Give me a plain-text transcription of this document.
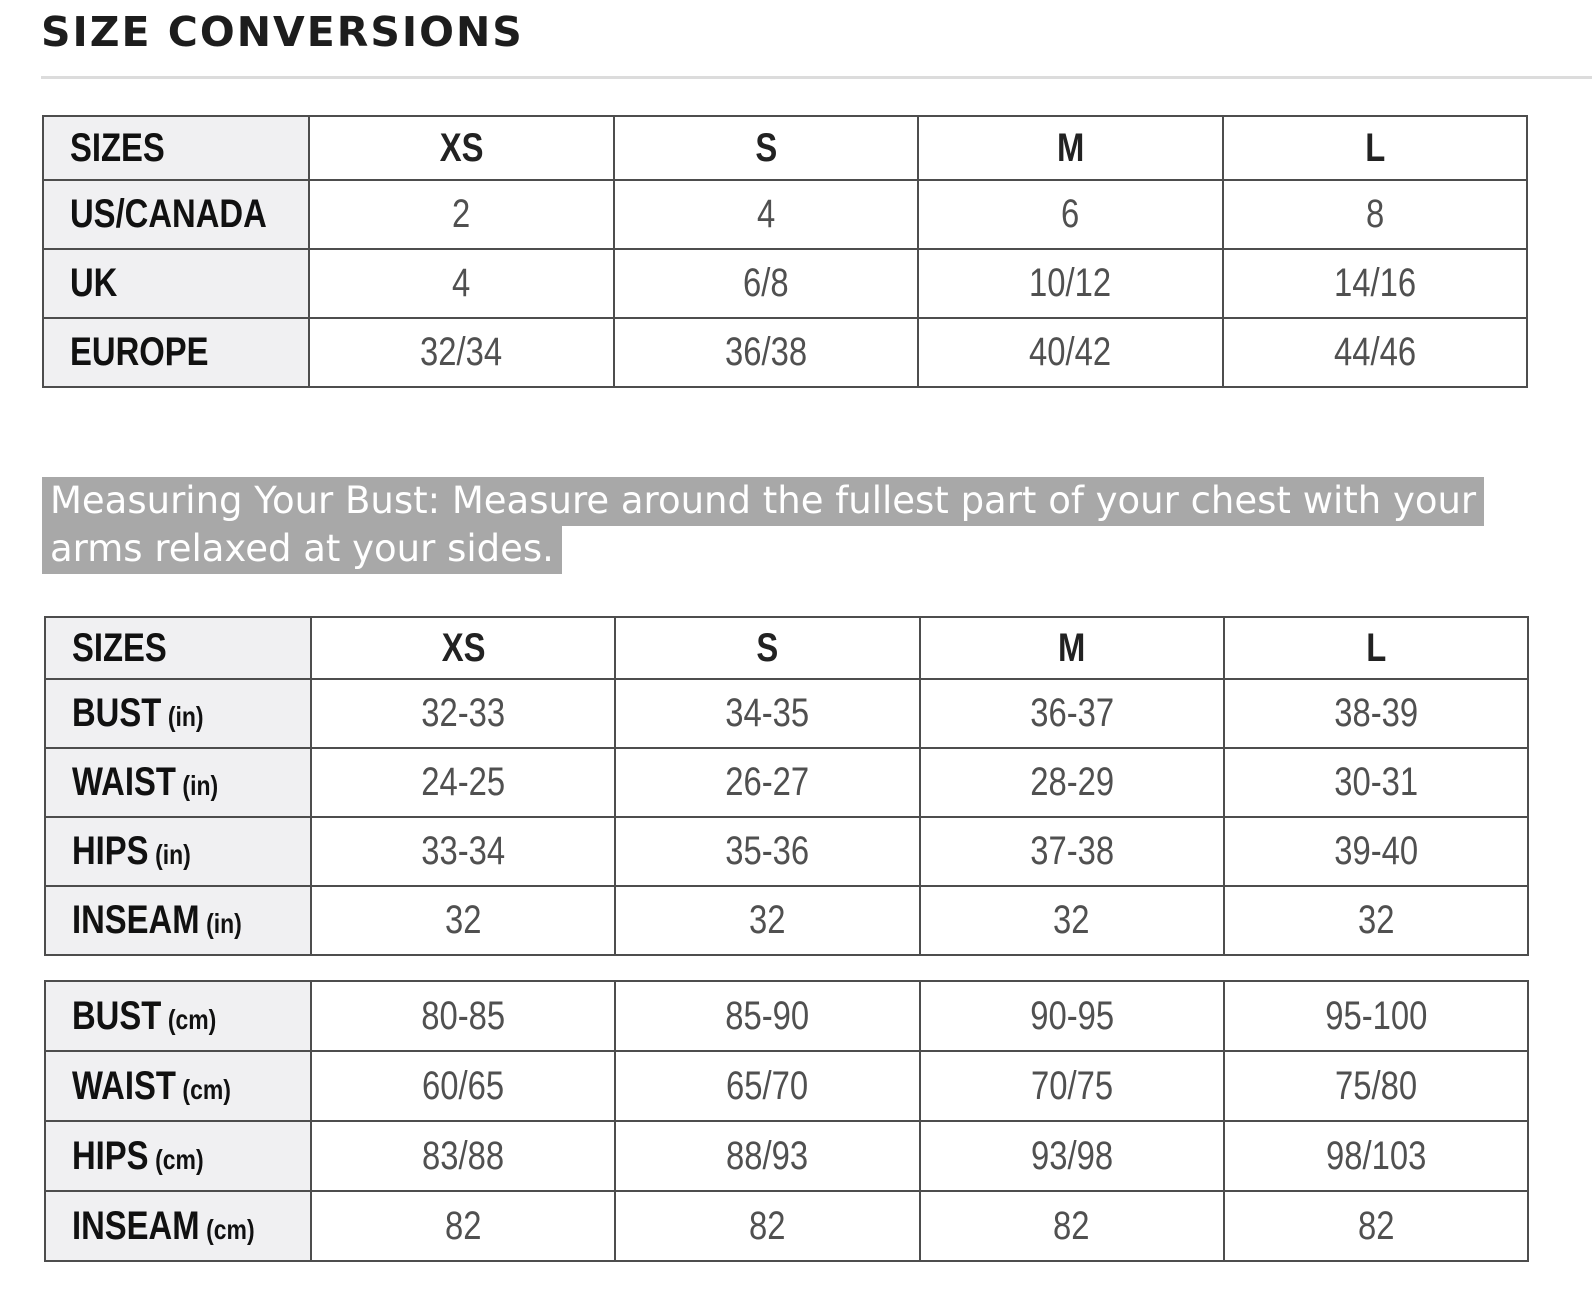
SIZE CONVERSIONS
SIZES	XS	S	M	L
US/CANADA	2	4	6	8
UK	4	6/8	10/12	14/16
EUROPE	32/34	36/38	40/42	44/46
Measuring Your Bust: Measure around the fullest part of your chest with your arms relaxed at your sides.
SIZES	XS	S	M	L
BUST (in)	32-33	34-35	36-37	38-39
WAIST (in)	24-25	26-27	28-29	30-31
HIPS (in)	33-34	35-36	37-38	39-40
INSEAM (in)	32	32	32	32
BUST (cm)	80-85	85-90	90-95	95-100
WAIST (cm)	60/65	65/70	70/75	75/80
HIPS (cm)	83/88	88/93	93/98	98/103
INSEAM (cm)	82	82	82	82
